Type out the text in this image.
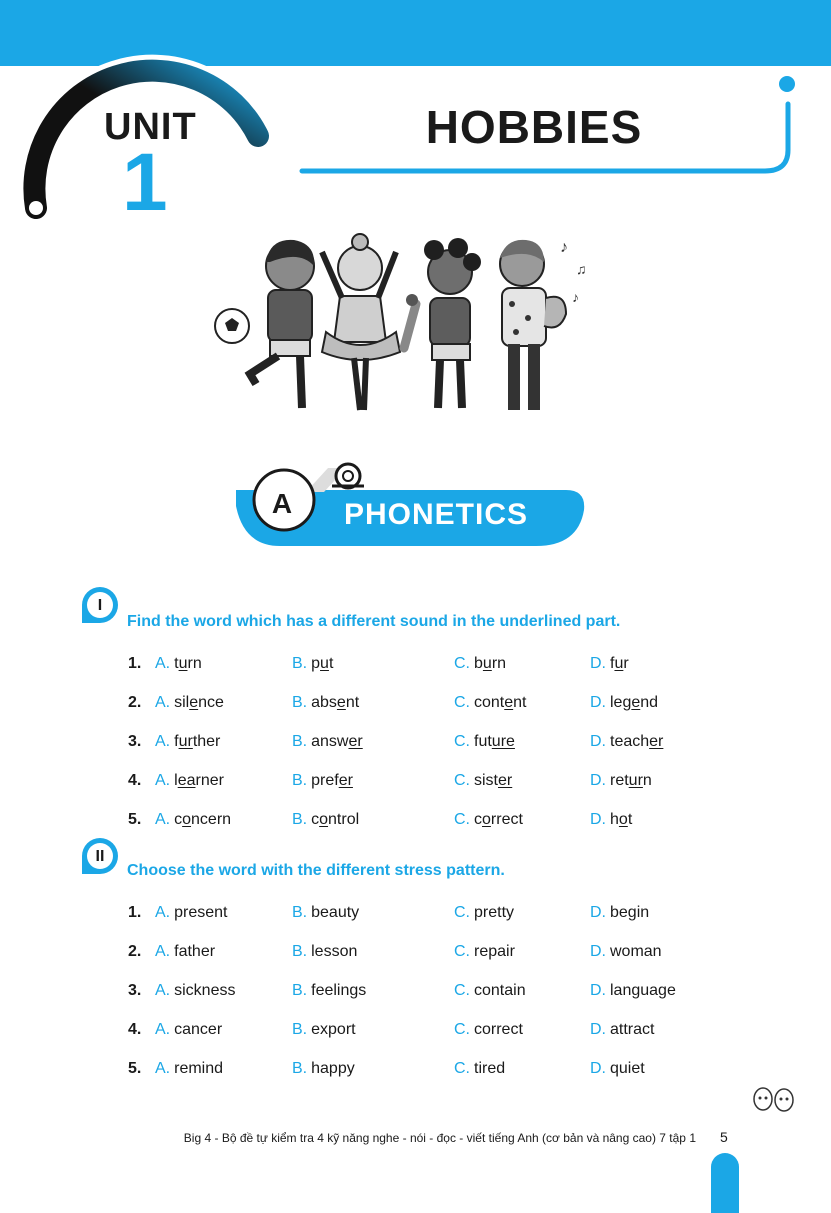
UNIT
1
HOBBIES
♪
♫
♪
A	PHONETICS
I
Find the word which has a different sound in the underlined part.
II
Choose the word with the different stress pattern.
1. A. turn	B. put	C. burn	D. fur
2. A. silence	B. absent	C. content	D. legend
3. A. further	B. answer	C. future	D. teacher
4. A. learner	B. prefer	C. sister	D. return
5. A. concern	B. control	C. correct	D. hot
1. A. present	B. beauty	C. pretty	D. begin
2. A. father	B. lesson	C. repair	D. woman
3. A. sickness	B. feelings	C. contain	D. language
4. A. cancer	B. export	C. correct	D. attract
5. A. remind	B. happy	C. tired	D. quiet
Big 4 - Bộ đề tự kiểm tra 4 kỹ năng nghe - nói - đọc - viết tiếng Anh (cơ bản và nâng cao) 7 tập 1 5
